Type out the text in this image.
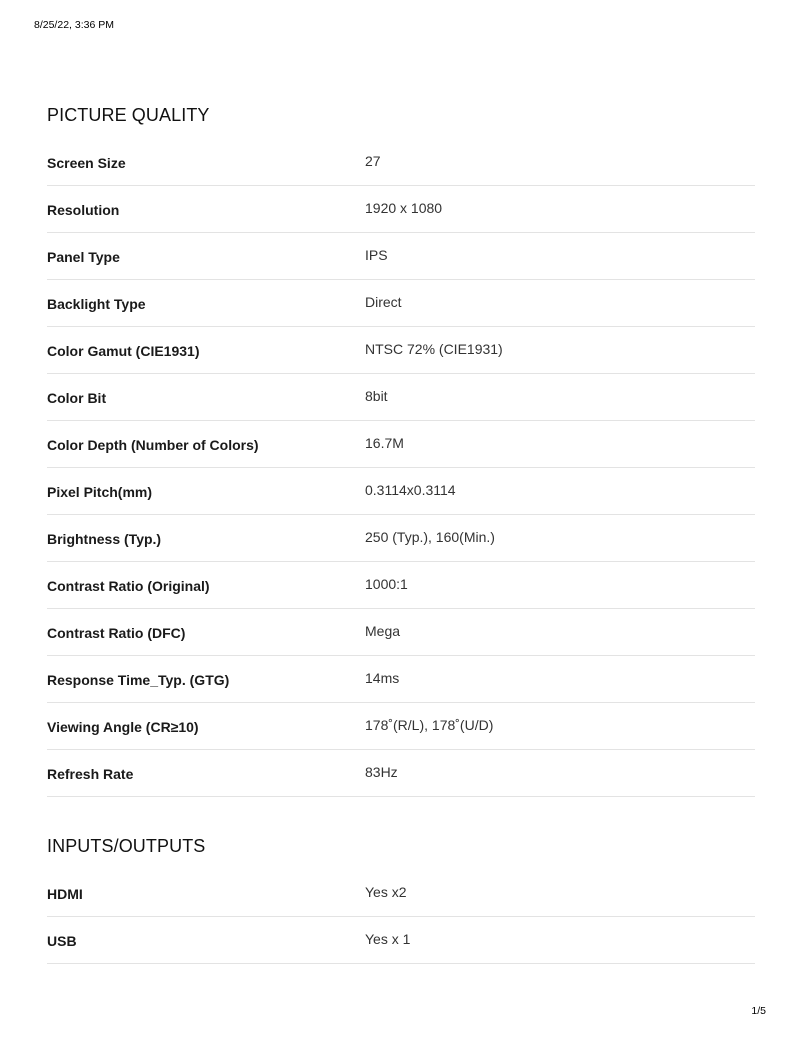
8/25/22, 3:36 PM
PICTURE QUALITY
Screen Size	27
Resolution	1920 x 1080
Panel Type	IPS
Backlight Type	Direct
Color Gamut (CIE1931)	NTSC 72% (CIE1931)
Color Bit	8bit
Color Depth (Number of Colors)	16.7M
Pixel Pitch(mm)	0.3114x0.3114
Brightness (Typ.)	250 (Typ.), 160(Min.)
Contrast Ratio (Original)	1000:1
Contrast Ratio (DFC)	Mega
Response Time_Typ. (GTG)	14ms
Viewing Angle (CR≥10)	178˚(R/L), 178˚(U/D)
Refresh Rate	83Hz
INPUTS/OUTPUTS
HDMI	Yes x2
USB	Yes x 1
1/5
